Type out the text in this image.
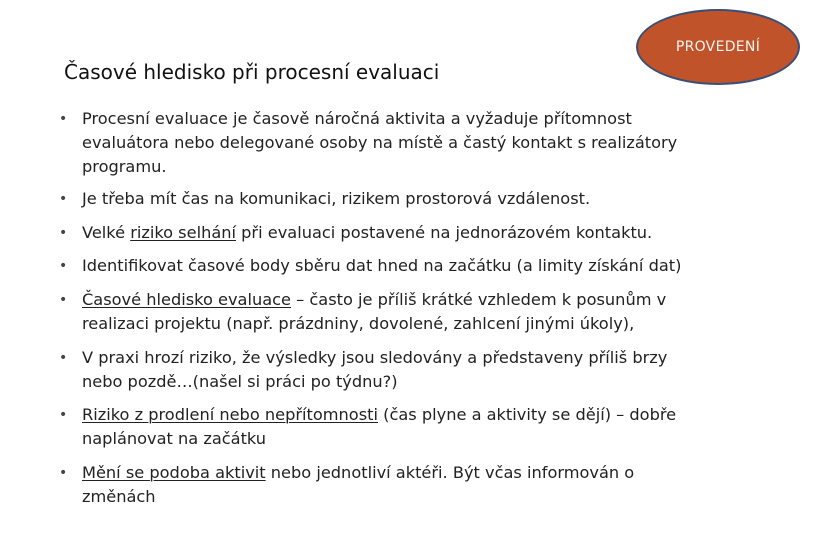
Časové hledisko při procesní evaluaci
PROVEDENÍ
• Procesní evaluace je časově náročná aktivita a vyžaduje přítomnost
evaluátora nebo delegované osoby na místě a častý kontakt s realizátory
programu.
• Je třeba mít čas na komunikaci, rizikem prostorová vzdálenost.
• Velké riziko selhání při evaluaci postavené na jednorázovém kontaktu.
• Identifikovat časové body sběru dat hned na začátku (a limity získání dat)
• Časové hledisko evaluace – často je příliš krátké vzhledem k posunům v
realizaci projektu (např. prázdniny, dovolené, zahlcení jinými úkoly),
• V praxi hrozí riziko, že výsledky jsou sledovány a představeny příliš brzy
nebo pozdě…(našel si práci po týdnu?)
• Riziko z prodlení nebo nepřítomnosti (čas plyne a aktivity se dějí) – dobře
naplánovat na začátku
• Mění se podoba aktivit nebo jednotliví aktéři. Být včas informován o
změnách
